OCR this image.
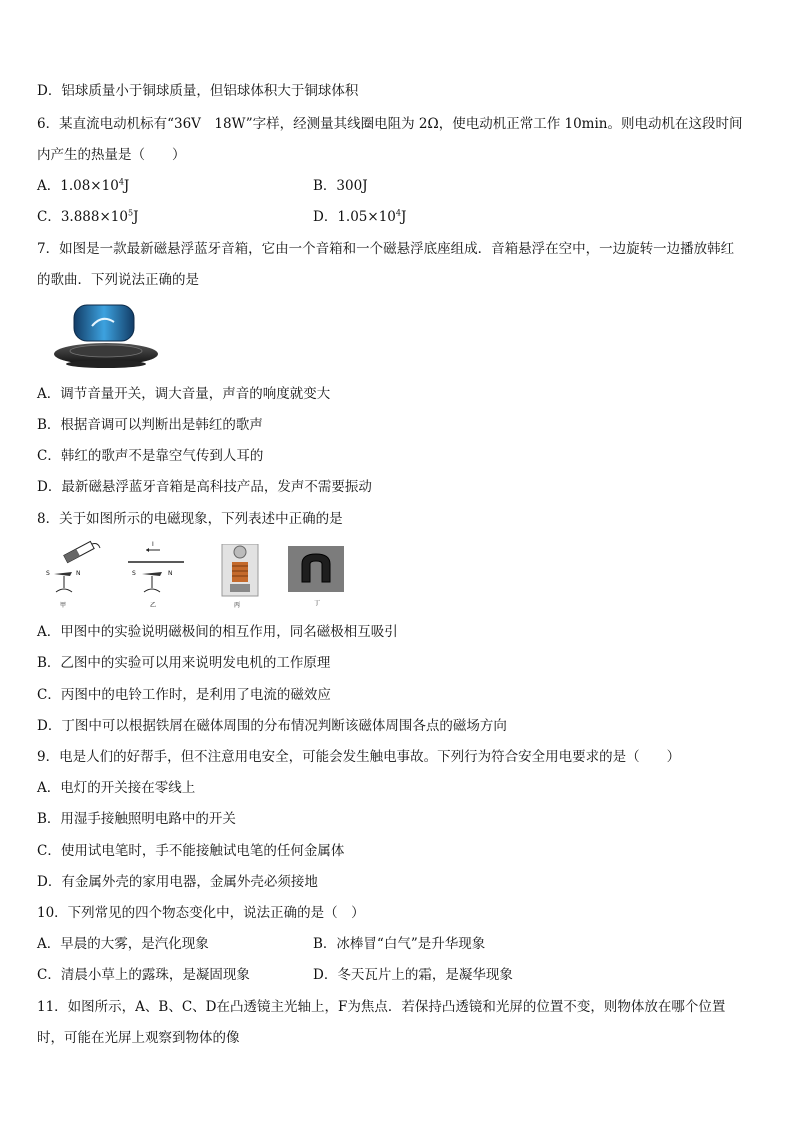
D．铝球质量小于铜球质量，但铝球体积大于铜球体积
6．某直流电动机标有“36V　18W”字样，经测量其线圈电阻为 2Ω，使电动机正常工作 10min。则电动机在这段时间
内产生的热量是（　　）
A．$1.08\times 10^4J$	B．300J
C．$3.888\times 10^5J$	D．$1.05\times 10^4J$
7．如图是一款最新磁悬浮蓝牙音箱，它由一个音箱和一个磁悬浮底座组成．音箱悬浮在空中，一边旋转一边播放韩红
的歌曲．下列说法正确的是
A．调节音量开关，调大音量，声音的响度就变大
B．根据音调可以判断出是韩红的歌声
C．韩红的歌声不是靠空气传到人耳的
D．最新磁悬浮蓝牙音箱是高科技产品，发声不需要振动
8．关于如图所示的电磁现象，下列表述中正确的是
S	N
甲
I
S	N
乙	丙	丁
A．甲图中的实验说明磁极间的相互作用，同名磁极相互吸引
B．乙图中的实验可以用来说明发电机的工作原理
C．丙图中的电铃工作时，是利用了电流的磁效应
D．丁图中可以根据铁屑在磁体周围的分布情况判断该磁体周围各点的磁场方向
9．电是人们的好帮手，但不注意用电安全，可能会发生触电事故。下列行为符合安全用电要求的是（　　）
A．电灯的开关接在零线上
B．用湿手接触照明电路中的开关
C．使用试电笔时，手不能接触试电笔的任何金属体
D．有金属外壳的家用电器，金属外壳必须接地
10．下列常见的四个物态变化中，说法正确的是（　）
A．早晨的大雾，是汽化现象	B．冰棒冒“白气”是升华现象
C．清晨小草上的露珠，是凝固现象	D．冬天瓦片上的霜，是凝华现象
11．如图所示，A、B、C、D在凸透镜主光轴上，F为焦点．若保持凸透镜和光屏的位置不变，则物体放在哪个位置
时，可能在光屏上观察到物体的像
